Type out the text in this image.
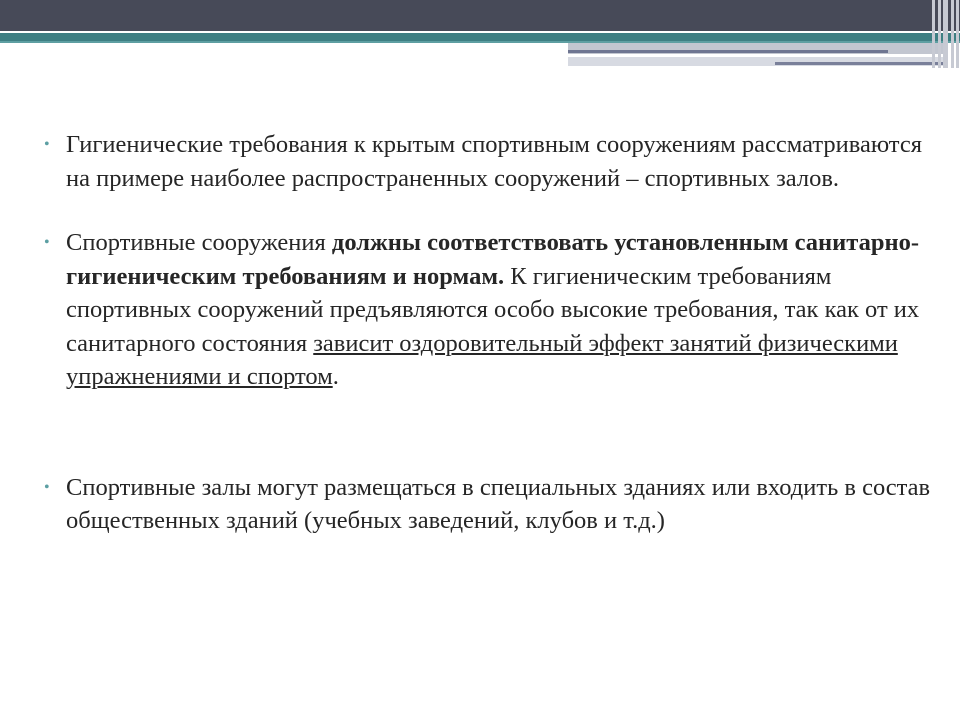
• Гигиенические требования к крытым спортивным сооружениям рассматриваются на примере наиболее распространенных сооружений – спортивных залов.
• Спортивные сооружения должны соответствовать установленным санитарно-гигиеническим требованиям и нормам. К гигиеническим требованиям спортивных сооружений предъявляются особо высокие требования, так как от их санитарного состояния зависит оздоровительный эффект занятий физическими упражнениями и спортом.
• Спортивные залы могут размещаться в специальных зданиях или входить в состав общественных зданий (учебных заведений, клубов и т.д.)
